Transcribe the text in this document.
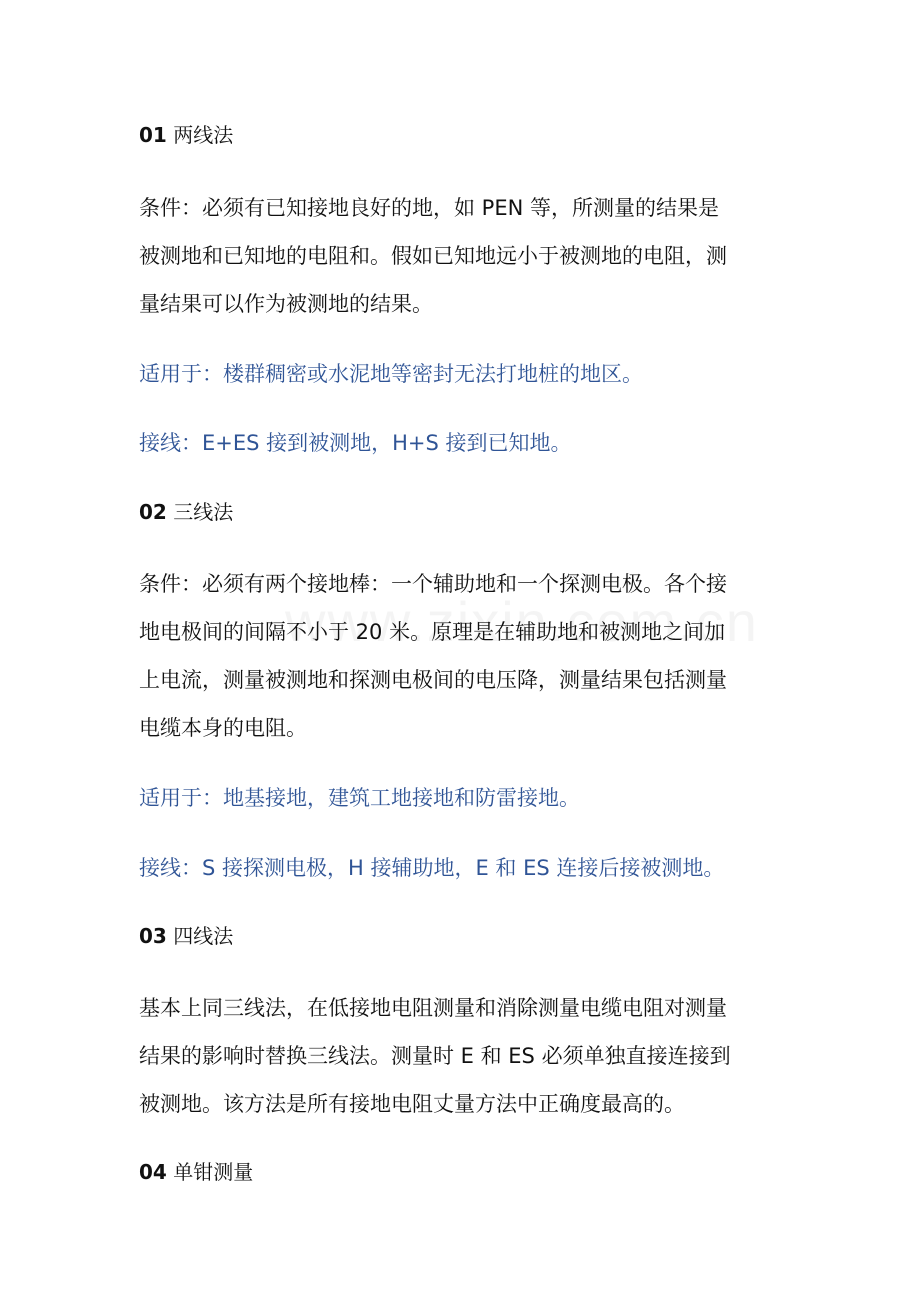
01 两线法
条件：必须有已知接地良好的地，如 PEN 等，所测量的结果是
被测地和已知地的电阻和。假如已知地远小于被测地的电阻，测
量结果可以作为被测地的结果。
适用于：楼群稠密或水泥地等密封无法打地桩的地区。
接线：E+ES 接到被测地，H+S 接到已知地。
02 三线法
条件：必须有两个接地棒：一个辅助地和一个探测电极。各个接
地电极间的间隔不小于 20 米。原理是在辅助地和被测地之间加
上电流，测量被测地和探测电极间的电压降，测量结果包括测量
电缆本身的电阻。
适用于：地基接地，建筑工地接地和防雷接地。
接线：S 接探测电极，H 接辅助地，E 和 ES 连接后接被测地。
03 四线法
基本上同三线法，在低接地电阻测量和消除测量电缆电阻对测量
结果的影响时替换三线法。测量时 E 和 ES 必须单独直接连接到
被测地。该方法是所有接地电阻丈量方法中正确度最高的。
04 单钳测量
